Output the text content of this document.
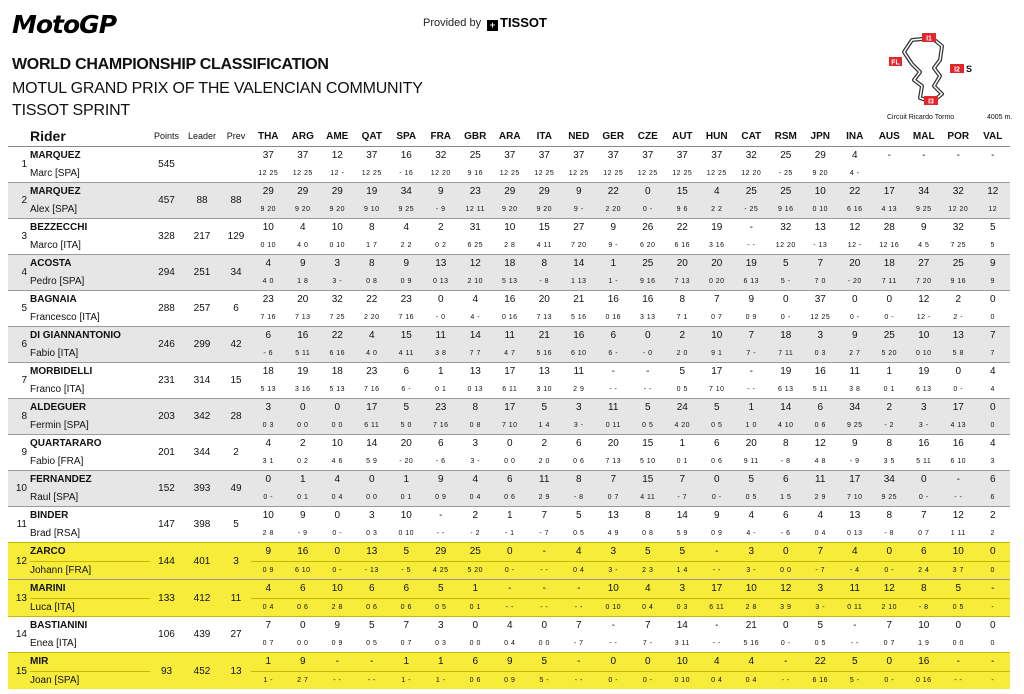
MotoGP	Provided by + TISSOT
WORLD CHAMPIONSHIP CLASSIFICATION
MOTUL GRAND PRIX OF THE VALENCIAN COMMUNITY
TISSOT SPRINT
I1
FL
I2 S
I3
Circuit Ricardo Tormo	4005 m.
Rider		Points	Leader	Prev	THA	ARG	AME	QAT	SPA	FRA	GBR	ARA	ITA	NED	GER	CZE	AUT	HUN	CAT	RSM	JPN	INA	AUS	MAL	POR	VAL
1	MARQUEZ	545			37	37	12	37	16	32	25	37	37	37	37	37	37	37	32	25	29	4	-	-	-	-
	Marc [SPA]				12 25	12 25	12 -	12 25	- 16	12 20	9 16	12 25	12 25	12 25	12 25	12 25	12 25	12 25	12 20	- 25	9 20	4 -				
2	MARQUEZ	457	88	88	29	29	29	19	34	9	23	29	29	9	22	0	15	4	25	25	10	22	17	34	32	12
	Alex [SPA]				9 20	9 20	9 20	9 10	9 25	- 9	12 11	9 20	9 20	9 -	2 20	0 -	9 6	2 2	- 25	9 16	0 10	6 16	4 13	9 25	12 20	12
3	BEZZECCHI	328	217	129	10	4	10	8	4	2	31	10	15	27	9	26	22	19	-	32	13	12	28	9	32	5
	Marco [ITA]				0 10	4 0	0 10	1 7	2 2	0 2	6 25	2 8	4 11	7 20	9 -	6 20	6 16	3 16	- -	12 20	- 13	12 -	12 16	4 5	7 25	5
4	ACOSTA	294	251	34	4	9	3	8	9	13	12	18	8	14	1	25	20	20	19	5	7	20	18	27	25	9
	Pedro [SPA]				4 0	1 8	3 -	0 8	0 9	0 13	2 10	5 13	- 8	1 13	1 -	9 16	7 13	0 20	6 13	5 -	7 0	- 20	7 11	7 20	9 16	9
5	BAGNAIA	288	257	6	23	20	32	22	23	0	4	16	20	21	16	16	8	7	9	0	37	0	0	12	2	0
	Francesco [ITA]				7 16	7 13	7 25	2 20	7 16	- 0	4 -	0 16	7 13	5 16	0 16	3 13	7 1	0 7	0 9	0 -	12 25	0 -	0 -	12 -	2 -	0
6	DI GIANNANTONIO	246	299	42	6	16	22	4	15	11	14	11	21	16	6	0	2	10	7	18	3	9	25	10	13	7
	Fabio [ITA]				- 6	5 11	6 16	4 0	4 11	3 8	7 7	4 7	5 16	6 10	6 -	- 0	2 0	9 1	7 -	7 11	0 3	2 7	5 20	0 10	5 8	7
7	MORBIDELLI	231	314	15	18	19	18	23	6	1	13	17	13	11	-	-	5	17	-	19	16	11	1	19	0	4
	Franco [ITA]				5 13	3 16	5 13	7 16	6 -	0 1	0 13	6 11	3 10	2 9	- -	- -	0 5	7 10	- -	6 13	5 11	3 8	0 1	6 13	0 -	4
8	ALDEGUER	203	342	28	3	0	0	17	5	23	8	17	5	3	11	5	24	5	1	14	6	34	2	3	17	0
	Fermin [SPA]				0 3	0 0	0 0	6 11	5 0	7 16	0 8	7 10	1 4	3 -	0 11	0 5	4 20	0 5	1 0	4 10	0 6	9 25	- 2	3 -	4 13	0
9	QUARTARARO	201	344	2	4	2	10	14	20	6	3	0	2	6	20	15	1	6	20	8	12	9	8	16	16	4
	Fabio [FRA]				3 1	0 2	4 6	5 9	- 20	- 6	3 -	0 0	2 0	0 6	7 13	5 10	0 1	0 6	9 11	- 8	4 8	- 9	3 5	5 11	6 10	3
10	FERNANDEZ	152	393	49	0	1	4	0	1	9	4	6	11	8	7	15	7	0	5	6	11	17	34	0	-	6
	Raul [SPA]				0 -	0 1	0 4	0 0	0 1	0 9	0 4	0 6	2 9	- 8	0 7	4 11	- 7	0 -	0 5	1 5	2 9	7 10	9 25	0 -	- -	6
11	BINDER	147	398	5	10	9	0	3	10	-	2	1	7	5	13	8	14	9	4	6	4	13	8	7	12	2
	Brad [RSA]				2 8	- 9	0 -	0 3	0 10	- -	- 2	- 1	- 7	0 5	4 9	0 8	5 9	0 9	4 -	- 6	0 4	0 13	- 8	0 7	1 11	2
12	ZARCO	144	401	3	9	16	0	13	5	29	25	0	-	4	3	5	5	-	3	0	7	4	0	6	10	0
	Johann [FRA]				0 9	6 10	0 -	- 13	- 5	4 25	5 20	0 -	- -	0 4	3 -	2 3	1 4	- -	3 -	0 0	- 7	- 4	0 -	2 4	3 7	0
13	MARINI	133	412	11	4	6	10	6	6	5	1	-	-	-	10	4	3	17	10	12	3	11	12	8	5	-
	Luca [ITA]				0 4	0 6	2 8	0 6	0 6	0 5	0 1	- -	- -	- -	0 10	0 4	0 3	6 11	2 8	3 9	3 -	0 11	2 10	- 8	0 5	-
14	BASTIANINI	106	439	27	7	0	9	5	7	3	0	4	0	7	-	7	14	-	21	0	5	-	7	10	0	0
	Enea [ITA]				0 7	0 0	0 9	0 5	0 7	0 3	0 0	0 4	0 0	- 7	- -	7 -	3 11	- -	5 16	0 -	0 5	- -	0 7	1 9	0 0	0
15	MIR	93	452	13	1	9	-	-	1	1	6	9	5	-	0	0	10	4	4	-	22	5	0	16	-	-
	Joan [SPA]				1 -	2 7	- -	- -	1 -	1 -	0 6	0 9	5 -	- -	0 -	0 -	0 10	0 4	0 4	- -	6 16	5 -	0 -	0 16	- -	-
